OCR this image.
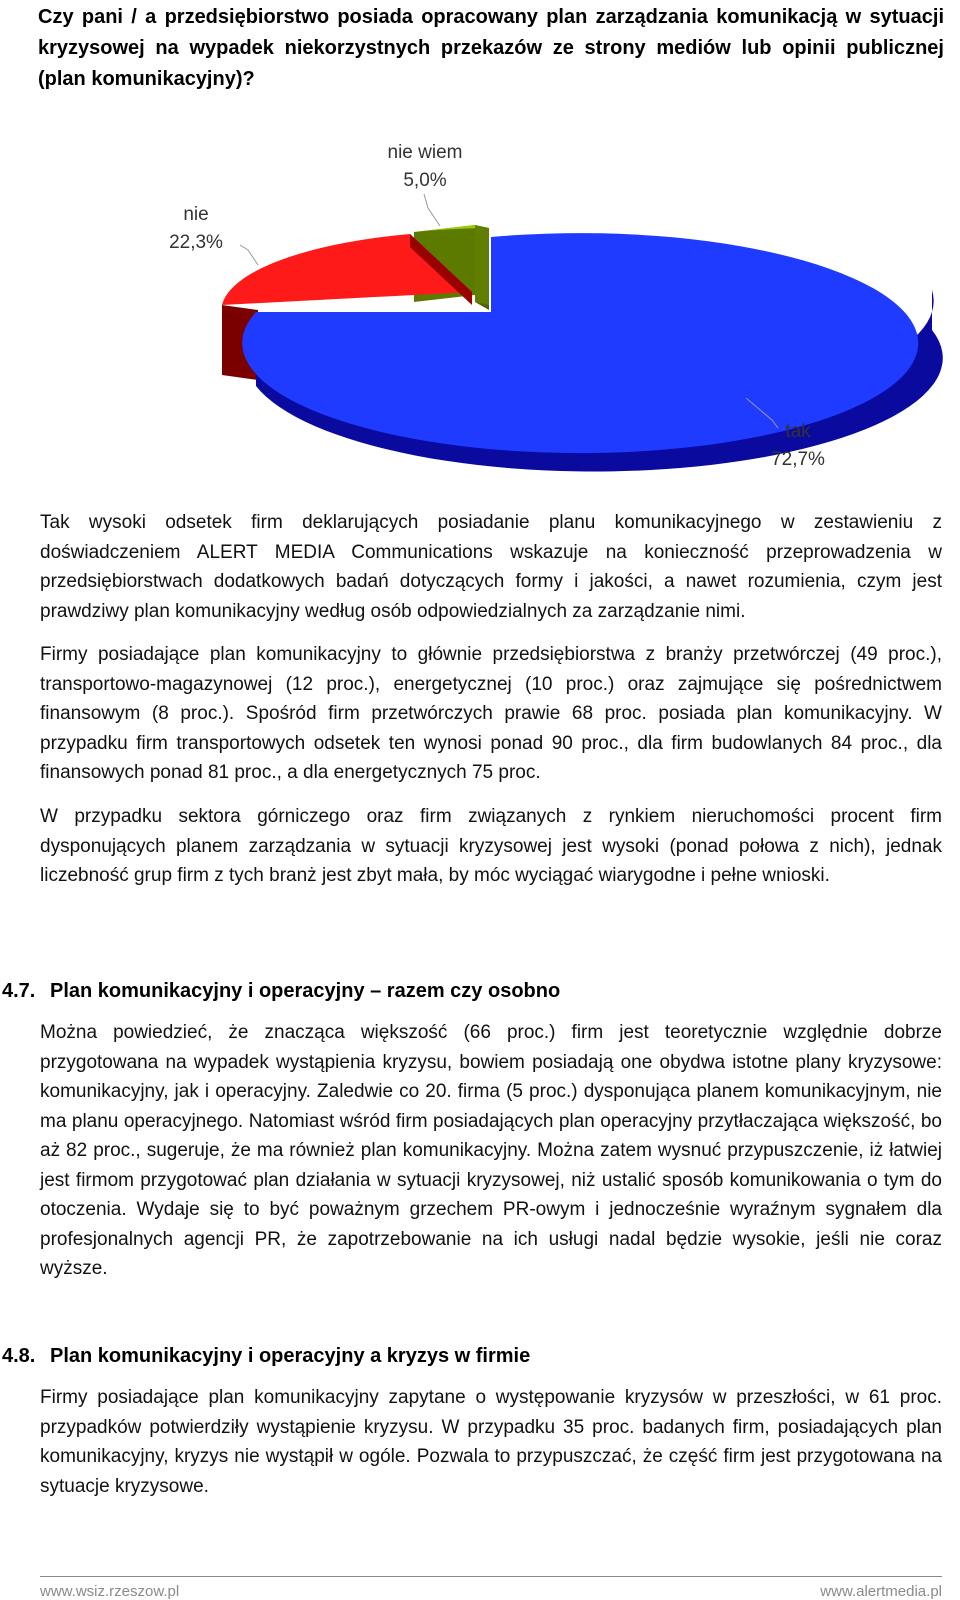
Czy pani / a przedsiębiorstwo posiada opracowany plan zarządzania komunikacją w sytuacji kryzysowej na wypadek niekorzystnych przekazów ze strony mediów lub opinii publicznej (plan komunikacyjny)?

nie
22,3%
nie wiem
5,0%
tak
72,7%

Tak wysoki odsetek firm deklarujących posiadanie planu komunikacyjnego w zestawieniu z doświadczeniem ALERT MEDIA Communications wskazuje na konieczność przeprowadzenia w przedsiębiorstwach dodatkowych badań dotyczących formy i jakości, a nawet rozumienia, czym jest prawdziwy plan komunikacyjny według osób odpowiedzialnych za zarządzanie nimi.

Firmy posiadające plan komunikacyjny to głównie przedsiębiorstwa z branży przetwórczej (49 proc.), transportowo-magazynowej (12 proc.), energetycznej (10 proc.) oraz zajmujące się pośrednictwem finansowym (8 proc.). Spośród firm przetwórczych prawie 68 proc. posiada plan komunikacyjny. W przypadku firm transportowych odsetek ten wynosi ponad 90 proc., dla firm budowlanych 84 proc., dla finansowych ponad 81 proc., a dla energetycznych 75 proc.

W przypadku sektora górniczego oraz firm związanych z rynkiem nieruchomości procent firm dysponujących planem zarządzania w sytuacji kryzysowej jest wysoki (ponad połowa z nich), jednak liczebność grup firm z tych branż jest zbyt mała, by móc wyciągać wiarygodne i pełne wnioski.

4.7. Plan komunikacyjny i operacyjny – razem czy osobno

Można powiedzieć, że znacząca większość (66 proc.) firm jest teoretycznie względnie dobrze przygotowana na wypadek wystąpienia kryzysu, bowiem posiadają one obydwa istotne plany kryzysowe: komunikacyjny, jak i operacyjny. Zaledwie co 20. firma (5 proc.) dysponująca planem komunikacyjnym, nie ma planu operacyjnego. Natomiast wśród firm posiadających plan operacyjny przytłaczająca większość, bo aż 82 proc., sugeruje, że ma również plan komunikacyjny. Można zatem wysnuć przypuszczenie, iż łatwiej jest firmom przygotować plan działania w sytuacji kryzysowej, niż ustalić sposób komunikowania o tym do otoczenia. Wydaje się to być poważnym grzechem PR-owym i jednocześnie wyraźnym sygnałem dla profesjonalnych agencji PR, że zapotrzebowanie na ich usługi nadal będzie wysokie, jeśli nie coraz wyższe.

4.8. Plan komunikacyjny i operacyjny a kryzys w firmie

Firmy posiadające plan komunikacyjny zapytane o występowanie kryzysów w przeszłości, w 61 proc. przypadków potwierdziły wystąpienie kryzysu. W przypadku 35 proc. badanych firm, posiadających plan komunikacyjny, kryzys nie wystąpił w ogóle. Pozwala to przypuszczać, że część firm jest przygotowana na sytuacje kryzysowe.

www.wsiz.rzeszow.pl	www.alertmedia.pl
